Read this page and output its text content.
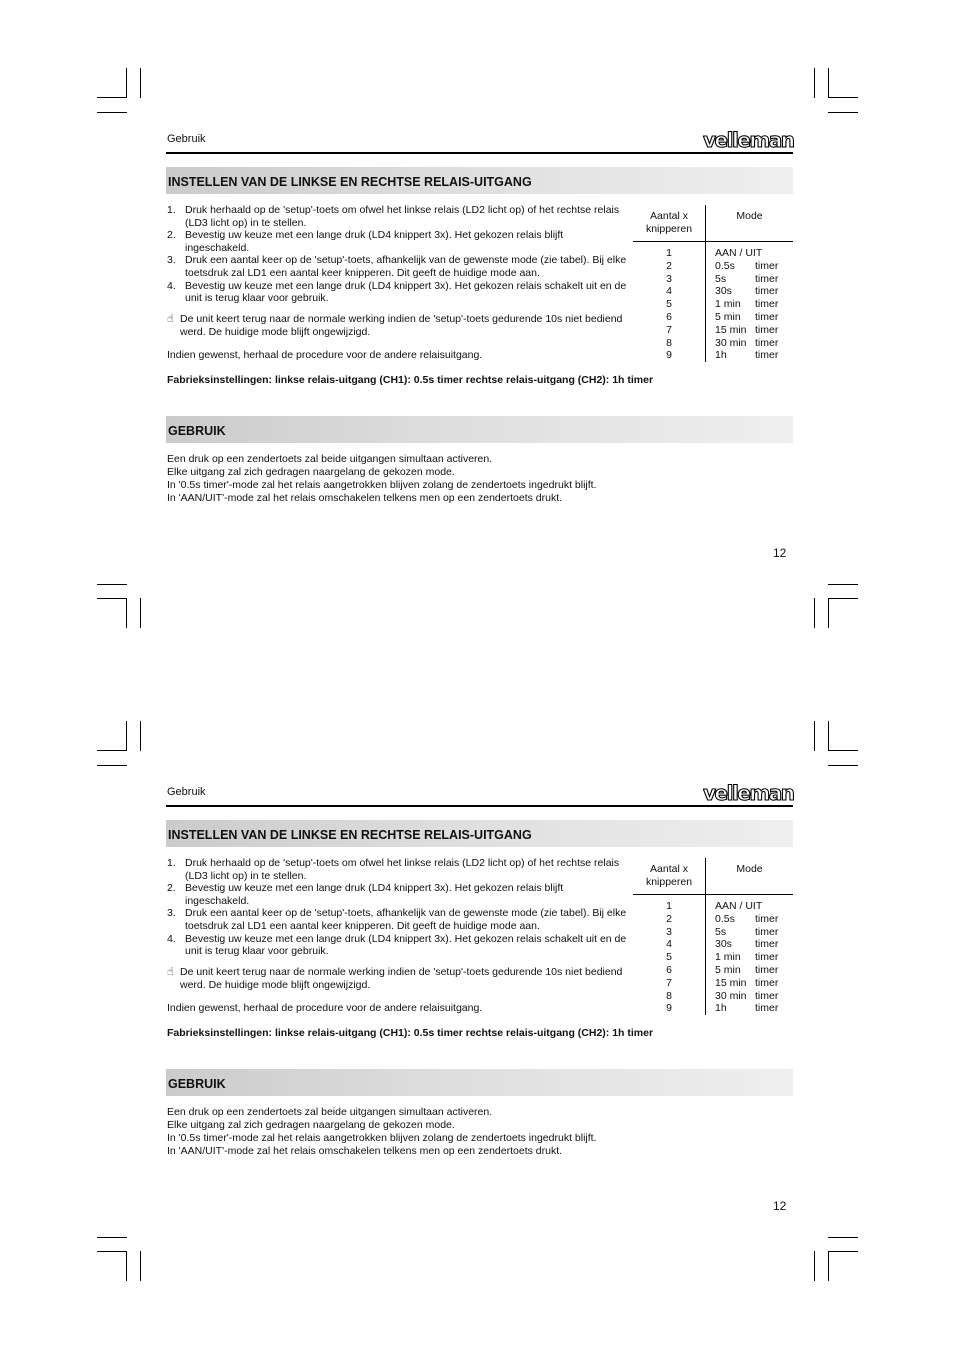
Gebruik	velleman
INSTELLEN VAN DE LINKSE EN RECHTSE RELAIS-UITGANG
1. Druk herhaald op de 'setup'-toets om ofwel het linkse relais (LD2 licht op) of het rechtse relais (LD3 licht op) in te stellen.
2. Bevestig uw keuze met een lange druk (LD4 knippert 3x). Het gekozen relais blijft ingeschakeld.
3. Druk een aantal keer op de 'setup'-toets, afhankelijk van de gewenste mode (zie tabel). Bij elke toetsdruk zal LD1 een aantal keer knipperen. Dit geeft de huidige mode aan.
4. Bevestig uw keuze met een lange druk (LD4 knippert 3x). Het gekozen relais schakelt uit en de unit is terug klaar voor gebruik.
☝ De unit keert terug naar de normale werking indien de 'setup'-toets gedurende 10s niet bediend werd. De huidige mode blijft ongewijzigd.
Indien gewenst, herhaal de procedure voor de andere relaisuitgang.
Fabrieksinstellingen: linkse relais-uitgang (CH1): 0.5s timer rechtse relais-uitgang (CH2): 1h timer
Aantal x
knipperen
Mode
1	AAN / UIT
2	0.5s timer
3	5s	timer
4	30s timer
5	1 min timer
6	5 min timer
7	15 min timer
8	30 min timer
9	1h	timer
GEBRUIK
Een druk op een zendertoets zal beide uitgangen simultaan activeren.
Elke uitgang zal zich gedragen naargelang de gekozen mode.
In '0.5s timer'-mode zal het relais aangetrokken blijven zolang de zendertoets ingedrukt blijft.
In 'AAN/UIT'-mode zal het relais omschakelen telkens men op een zendertoets drukt.
12
Gebruik	velleman
INSTELLEN VAN DE LINKSE EN RECHTSE RELAIS-UITGANG
1. Druk herhaald op de 'setup'-toets om ofwel het linkse relais (LD2 licht op) of het rechtse relais (LD3 licht op) in te stellen.
2. Bevestig uw keuze met een lange druk (LD4 knippert 3x). Het gekozen relais blijft ingeschakeld.
3. Druk een aantal keer op de 'setup'-toets, afhankelijk van de gewenste mode (zie tabel). Bij elke toetsdruk zal LD1 een aantal keer knipperen. Dit geeft de huidige mode aan.
4. Bevestig uw keuze met een lange druk (LD4 knippert 3x). Het gekozen relais schakelt uit en de unit is terug klaar voor gebruik.
☝ De unit keert terug naar de normale werking indien de 'setup'-toets gedurende 10s niet bediend werd. De huidige mode blijft ongewijzigd.
Indien gewenst, herhaal de procedure voor de andere relaisuitgang.
Fabrieksinstellingen: linkse relais-uitgang (CH1): 0.5s timer rechtse relais-uitgang (CH2): 1h timer
Aantal x
knipperen
Mode
1	AAN / UIT
2	0.5s timer
3	5s	timer
4	30s timer
5	1 min timer
6	5 min timer
7	15 min timer
8	30 min timer
9	1h	timer
GEBRUIK
Een druk op een zendertoets zal beide uitgangen simultaan activeren.
Elke uitgang zal zich gedragen naargelang de gekozen mode.
In '0.5s timer'-mode zal het relais aangetrokken blijven zolang de zendertoets ingedrukt blijft.
In 'AAN/UIT'-mode zal het relais omschakelen telkens men op een zendertoets drukt.
12
